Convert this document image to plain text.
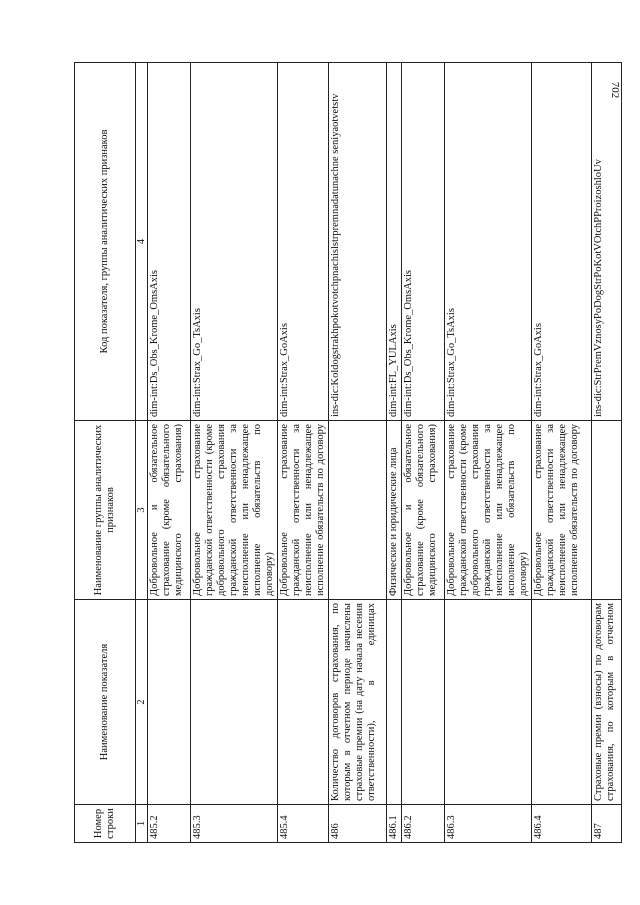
702
Номер строки	Наименование показателя	Наименование группы аналитических признаков	Код показателя, группы аналитических признаков
1	2	3	4
485.2		Добровольное и обязательное страхование (кроме обязательного медицинского страхования)	dim-int:Ds_Obs_Krome_OmsAxis
485.3		Добровольное страхование гражданской ответственности (кроме добровольного страхования гражданской ответственности за неисполнение или ненадлежащее исполнение обязательств по договору)	dim-int:Strax_Go_TsAxis
485.4		Добровольное страхование гражданской ответственности за неисполнение или ненадлежащее исполнение обязательств по договору	dim-int:Strax_GoAxis
486	Количество договоров страхования, по которым в отчетном периоде начислены страховые премии (на дату начала несения ответственности), в единицах		ins-dic:Koldogstrakhpokotvotchpnachislstrpremnadatunachne seniyaotvetstv
486.1		Физические и юридические лица	dim-int:FL_YULAxis
486.2		Добровольное и обязательное страхование (кроме обязательного медицинского страхования)	dim-int:Ds_Obs_Krome_OmsAxis
486.3		Добровольное страхование гражданской ответственности (кроме добровольного страхования гражданской ответственности за неисполнение или ненадлежащее исполнение обязательств по договору)	dim-int:Strax_Go_TsAxis
486.4		Добровольное страхование гражданской ответственности за неисполнение или ненадлежащее исполнение обязательств по договору	dim-int:Strax_GoAxis
487	Страховые премии (взносы) по договорам страхования, по которым в отчетном		ins-dic:StrPremVznosyPoDogStrPoKotVOtchPProizoshloUv
